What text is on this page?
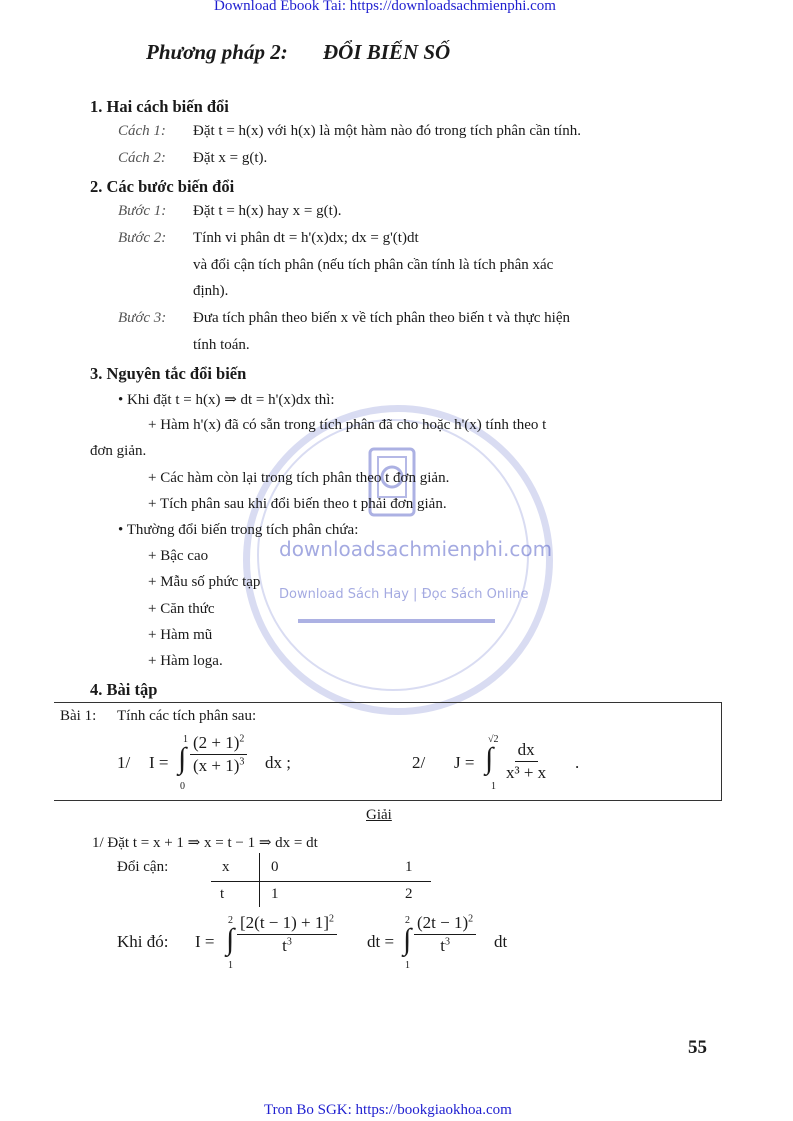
Download Ebook Tai: https://downloadsachmienphi.com
Tron Bo SGK: https://bookgiaokhoa.com
55
downloadsachmienphi.com
Download Sách Hay | Đọc Sách Online
Phương pháp 2: ĐỔI BIẾN SỐ
1. Hai cách biến đổi
Cách 1: Đặt t = h(x) với h(x) là một hàm nào đó trong tích phân cần tính.
Cách 2: Đặt x = g(t).
2. Các bước biến đổi
Bước 1: Đặt t = h(x) hay x = g(t).
Bước 2: Tính vi phân dt = h'(x)dx; dx = g'(t)dt
và đổi cận tích phân (nếu tích phân cần tính là tích phân xác
định).
Bước 3: Đưa tích phân theo biến x về tích phân theo biến t và thực hiện
tính toán.
3. Nguyên tắc đổi biến
• Khi đặt t = h(x) ⇒ dt = h'(x)dx thì:
+ Hàm h'(x) đã có sẵn trong tích phân đã cho hoặc h'(x) tính theo t
đơn giản.
+ Các hàm còn lại trong tích phân theo t đơn giản.
+ Tích phân sau khi đổi biến theo t phải đơn giản.
• Thường đổi biến trong tích phân chứa:
+ Bậc cao
+ Mẫu số phức tạp
+ Căn thức
+ Hàm mũ
+ Hàm loga.
4. Bài tập
Bài 1: Tính các tích phân sau:
1/ I =
1
∫
0
$\frac{(2 + 1)^2}{(x + 1)^3}$ dx ;	2/ J =
√2
∫
1
$\frac{dx}{\text{x³ + x}}$ .
Giải
1/ Đặt t = x + 1 ⇒ x = t − 1 ⇒ dx = dt
Đổi cận:	x	0	1
t	1	2
Khi đó: I =
2
∫
1
$\frac{[2(t - 1) + 1]^2}{t^3}$ dt =
2
∫
1
$\frac{(2t - 1)^2}{t^3}$ dt
